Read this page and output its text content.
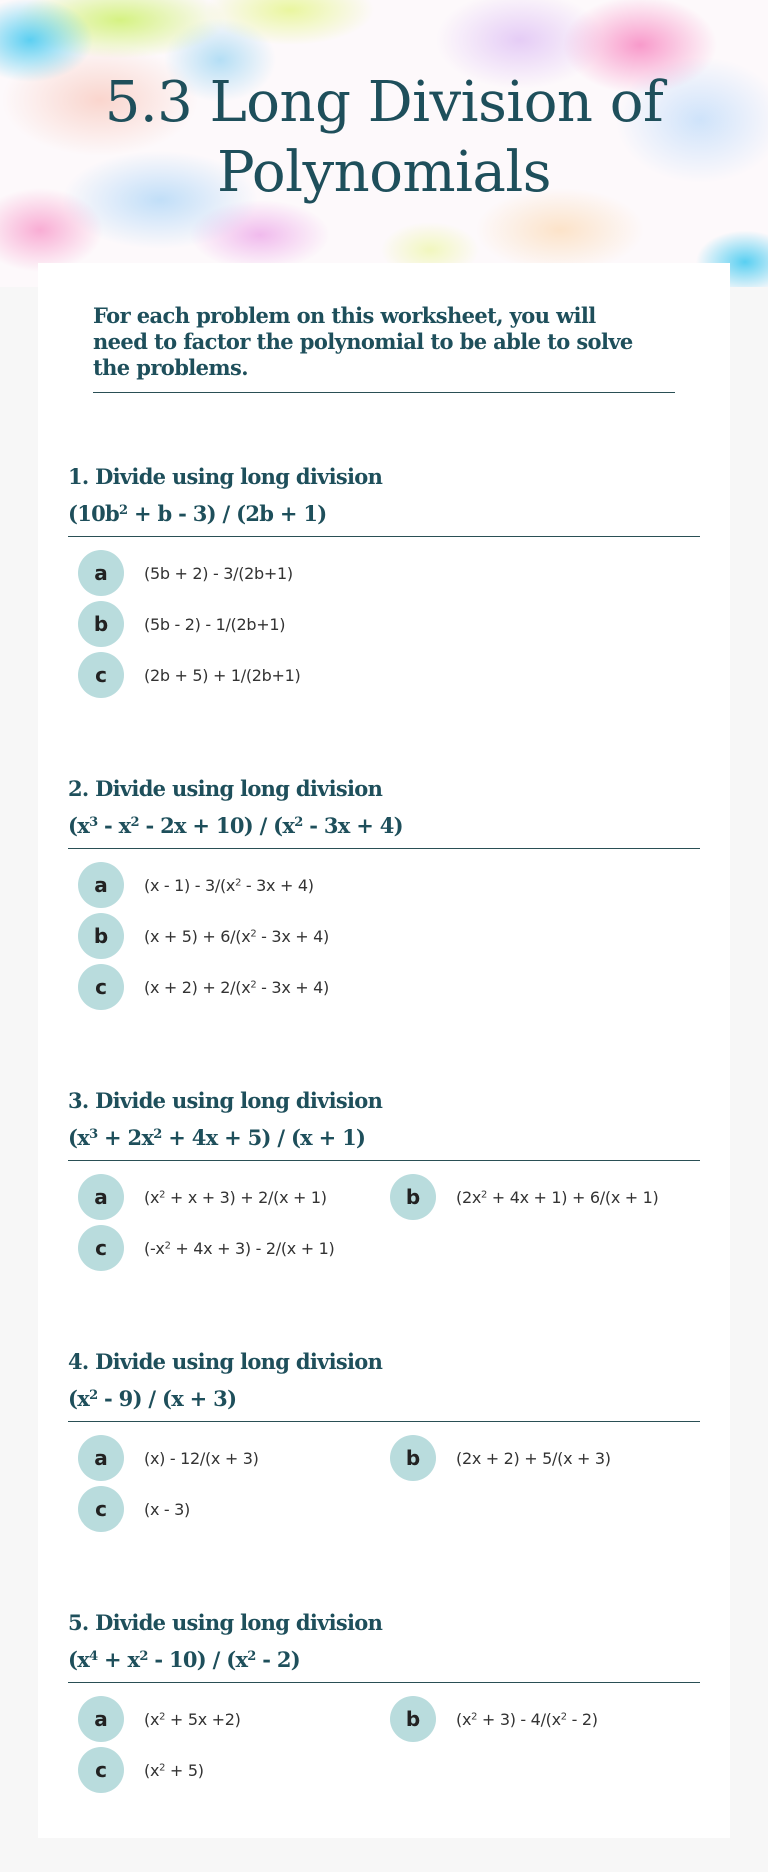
5.3 Long Division of
Polynomials

For each problem on this worksheet, you will need to factor the polynomial to be able to solve the problems.

1. Divide using long division
$(10b^2 + b - 3) / (2b + 1)$
a	(5b + 2) - 3/(2b+1)
b	(5b - 2) - 1/(2b+1)
c	(2b + 5) + 1/(2b+1)
2. Divide using long division
$(x^3 - x^2 - 2x + 10) / (x^2 - 3x + 4)$
a	$(x - 1) - 3/(x^2 - 3x + 4)$
b	$(x + 5) + 6/(x^2 - 3x + 4)$
c	$(x + 2) + 2/(x^2 - 3x + 4)$
3. Divide using long division
$(x^3 + 2x^2 + 4x + 5) / (x + 1)$
a	$(x^2 + x + 3) + 2/(x + 1)$	b	$(2x^2 + 4x + 1) + 6/(x + 1)$
c	$(-x^2 + 4x + 3) - 2/(x + 1)$
4. Divide using long division
$(x^2 - 9) / (x + 3)$
a	(x) - 12/(x + 3)	b	(2x + 2) + 5/(x + 3)
c	(x - 3)
5. Divide using long division
$(x^4 + x^2 - 10) / (x^2 - 2)$
a	$(x^2 + 5x +2)$	b	$(x^2 + 3) - 4/(x^2 - 2)$
c	$(x^2 + 5)$
